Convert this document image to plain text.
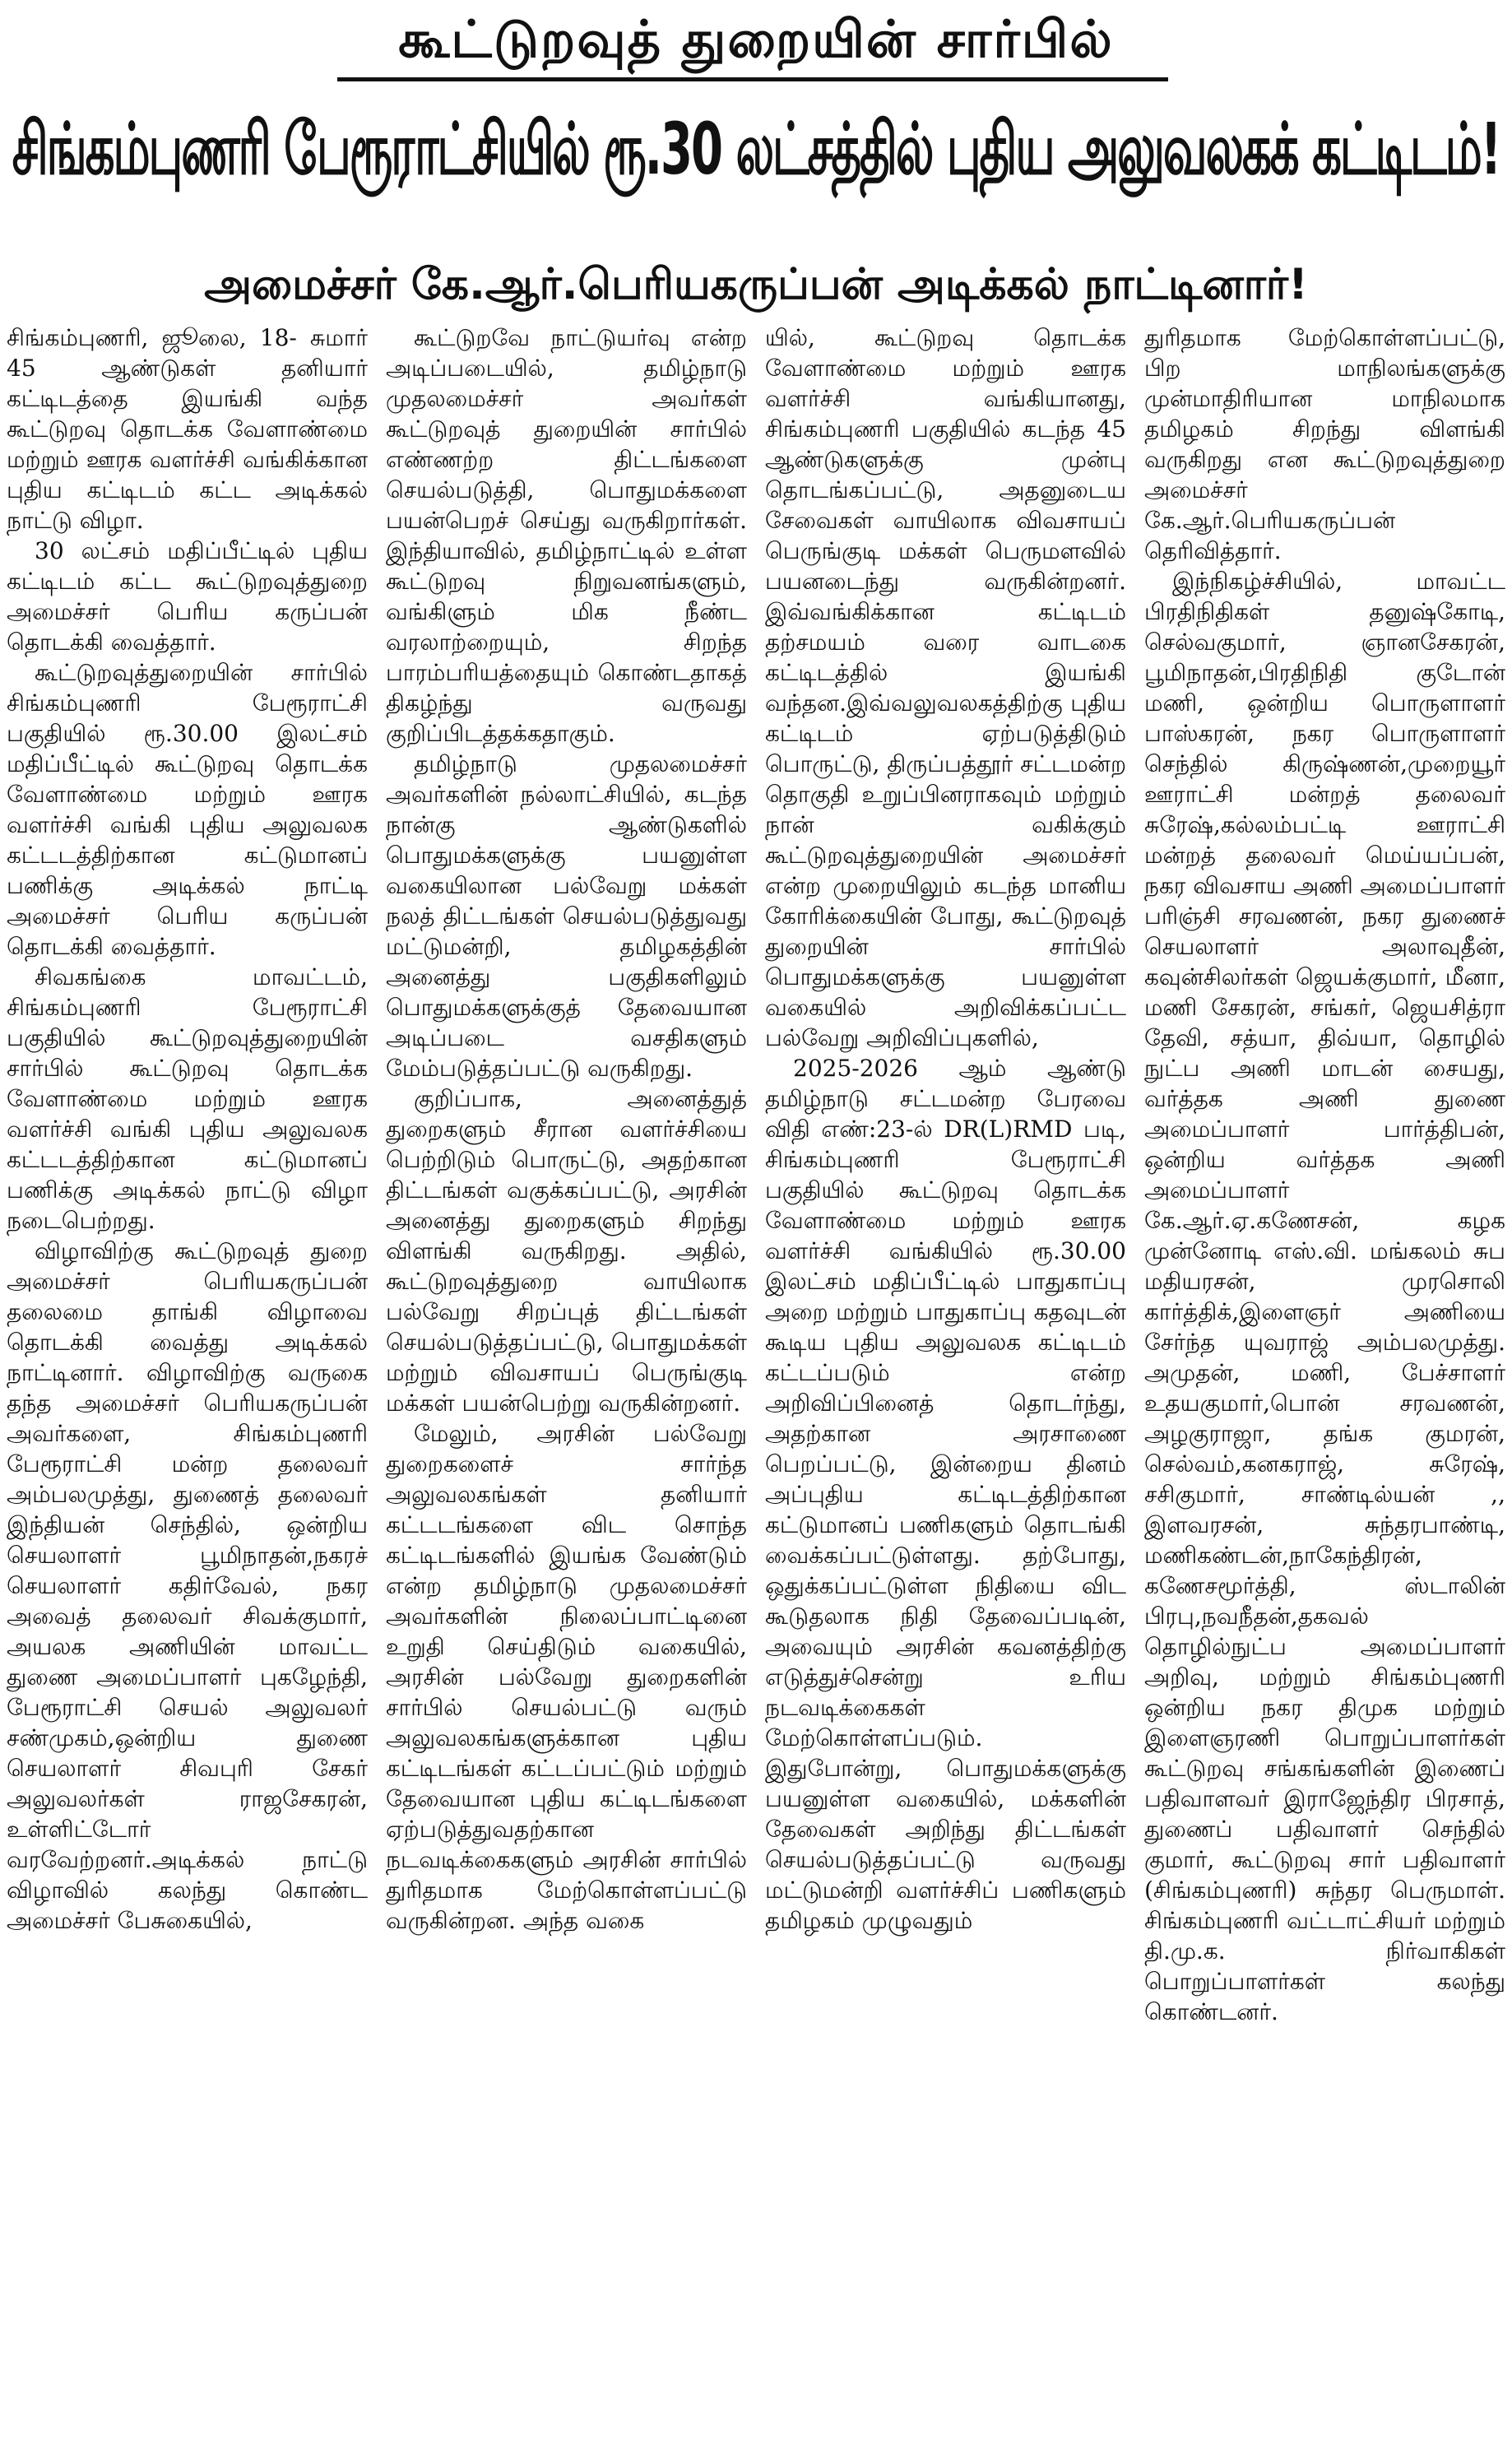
கூட்டுறவுத் துறையின் சார்பில்
சிங்கம்புணரி பேரூராட்சியில் ரூ.30 லட்சத்தில் புதிய அலுவலகக் கட்டிடம்!
அமைச்சர் கே.ஆர்.பெரியகருப்பன் அடிக்கல் நாட்டினார்!

சிங்கம்புணரி, ஜூலை, 18- சுமார் 45 ஆண்டுகள் தனியார் கட்டிடத்தை இயங்கி வந்த கூட்டுறவு தொடக்க வேளாண்மை மற்றும் ஊரக வளர்ச்சி வங்கிக்கான புதிய கட்டிடம் கட்ட அடிக்கல் நாட்டு விழா.

30 லட்சம் மதிப்பீட்டில் புதிய கட்டிடம் கட்ட கூட்டுறவுத்துறை அமைச்சர் பெரிய கருப்பன் தொடக்கி வைத்தார்.

கூட்டுறவுத்துறையின் சார்பில் சிங்கம்புணரி பேரூராட்சி பகுதியில் ரூ.30.00 இலட்சம் மதிப்பீட்டில் கூட்டுறவு தொடக்க வேளாண்மை மற்றும் ஊரக வளர்ச்சி வங்கி புதிய அலுவலக கட்டடத்திற்கான கட்டுமானப் பணிக்கு அடிக்கல் நாட்டி அமைச்சர் பெரிய கருப்பன் தொடக்கி வைத்தார்.

சிவகங்கை மாவட்டம், சிங்கம்புணரி பேரூராட்சி பகுதியில் கூட்டுறவுத்துறையின் சார்பில் கூட்டுறவு தொடக்க வேளாண்மை மற்றும் ஊரக வளர்ச்சி வங்கி புதிய அலுவலக கட்டடத்திற்கான கட்டுமானப் பணிக்கு அடிக்கல் நாட்டு விழா நடைபெற்றது.

விழாவிற்கு கூட்டுறவுத் துறை அமைச்சர் பெரியகருப்பன் தலைமை தாங்கி விழாவை தொடக்கி வைத்து அடிக்கல் நாட்டினார். விழாவிற்கு வருகை தந்த அமைச்சர் பெரியகருப்பன் அவர்களை, சிங்கம்புணரி பேரூராட்சி மன்ற தலைவர் அம்பலமுத்து, துணைத் தலைவர் இந்தியன் செந்தில், ஒன்றிய செயலாளர் பூமிநாதன்,நகரச் செயலாளர் கதிர்வேல், நகர அவைத் தலைவர் சிவக்குமார், அயலக அணியின் மாவட்ட துணை அமைப்பாளர் புகழேந்தி, பேரூராட்சி செயல் அலுவலர் சண்முகம்,ஒன்றிய துணை செயலாளர் சிவபுரி சேகர் அலுவலர்கள் ராஜசேகரன், உள்ளிட்டோர் வரவேற்றனர்.அடிக்கல் நாட்டு விழாவில் கலந்து கொண்ட அமைச்சர் பேசுகையில்,

கூட்டுறவே நாட்டுயர்வு என்ற அடிப்படையில், தமிழ்நாடு முதலமைச்சர் அவர்கள் கூட்டுறவுத் துறையின் சார்பில் எண்ணற்ற திட்டங்களை செயல்படுத்தி, பொதுமக்களை பயன்பெறச் செய்து வருகிறார்கள். இந்தியாவில், தமிழ்நாட்டில் உள்ள கூட்டுறவு நிறுவனங்களும், வங்கிளும் மிக நீண்ட வரலாற்றையும், சிறந்த பாரம்பரியத்தையும் கொண்டதாகத் திகழ்ந்து வருவது குறிப்பிடத்தக்கதாகும்.

தமிழ்நாடு முதலமைச்சர் அவர்களின் நல்லாட்சியில், கடந்த நான்கு ஆண்டுகளில் பொதுமக்களுக்கு பயனுள்ள வகையிலான பல்வேறு மக்கள் நலத் திட்டங்கள் செயல்படுத்துவது மட்டுமன்றி, தமிழகத்தின் அனைத்து பகுதிகளிலும் பொதுமக்களுக்குத் தேவையான அடிப்படை வசதிகளும் மேம்படுத்தப்பட்டு வருகிறது.

குறிப்பாக, அனைத்துத் துறைகளும் சீரான வளர்ச்சியை பெற்றிடும் பொருட்டு, அதற்கான திட்டங்கள் வகுக்கப்பட்டு, அரசின் அனைத்து துறைகளும் சிறந்து விளங்கி வருகிறது. அதில், கூட்டுறவுத்துறை வாயிலாக பல்வேறு சிறப்புத் திட்டங்கள் செயல்படுத்தப்பட்டு, பொதுமக்கள் மற்றும் விவசாயப் பெருங்குடி மக்கள் பயன்பெற்று வருகின்றனர்.

மேலும், அரசின் பல்வேறு துறைகளைச் சார்ந்த அலுவலகங்கள் தனியார் கட்டடங்களை விட சொந்த கட்டிடங்களில் இயங்க வேண்டும் என்ற தமிழ்நாடு முதலமைச்சர் அவர்களின் நிலைப்பாட்டினை உறுதி செய்திடும் வகையில், அரசின் பல்வேறு துறைகளின் சார்பில் செயல்பட்டு வரும் அலுவலகங்களுக்கான புதிய கட்டிடங்கள் கட்டப்பட்டும் மற்றும் தேவையான புதிய கட்டிடங்களை ஏற்படுத்துவதற்கான நடவடிக்கைகளும் அரசின் சார்பில் துரிதமாக மேற்கொள்ளப்பட்டு வருகின்றன. அந்த வகை

யில், கூட்டுறவு தொடக்க வேளாண்மை மற்றும் ஊரக வளர்ச்சி வங்கியானது, சிங்கம்புணரி பகுதியில் கடந்த 45 ஆண்டுகளுக்கு முன்பு தொடங்கப்பட்டு, அதனுடைய சேவைகள் வாயிலாக விவசாயப் பெருங்குடி மக்கள் பெருமளவில் பயனடைந்து வருகின்றனர். இவ்வங்கிக்கான கட்டிடம் தற்சமயம் வரை வாடகை கட்டிடத்தில் இயங்கி வந்தன.இவ்வலுவலகத்திற்கு புதிய கட்டிடம் ஏற்படுத்திடும் பொருட்டு, திருப்பத்தூர் சட்டமன்ற தொகுதி உறுப்பினராகவும் மற்றும் நான் வகிக்கும் கூட்டுறவுத்துறையின் அமைச்சர் என்ற முறையிலும் கடந்த மானிய கோரிக்கையின் போது, கூட்டுறவுத் துறையின் சார்பில் பொதுமக்களுக்கு பயனுள்ள வகையில் அறிவிக்கப்பட்ட பல்வேறு அறிவிப்புகளில்,

2025-2026 ஆம் ஆண்டு தமிழ்நாடு சட்டமன்ற பேரவை விதி எண்:23-ல் DR(L)RMD படி, சிங்கம்புணரி பேரூராட்சி பகுதியில் கூட்டுறவு தொடக்க வேளாண்மை மற்றும் ஊரக வளர்ச்சி வங்கியில் ரூ.30.00 இலட்சம் மதிப்பீட்டில் பாதுகாப்பு அறை மற்றும் பாதுகாப்பு கதவுடன் கூடிய புதிய அலுவலக கட்டிடம் கட்டப்படும் என்ற அறிவிப்பினைத் தொடர்ந்து, அதற்கான அரசாணை பெறப்பட்டு, இன்றைய தினம் அப்புதிய கட்டிடத்திற்கான கட்டுமானப் பணிகளும் தொடங்கி வைக்கப்பட்டுள்ளது. தற்போது, ஒதுக்கப்பட்டுள்ள நிதியை விட கூடுதலாக நிதி தேவைப்படின், அவையும் அரசின் கவனத்திற்கு எடுத்துச்சென்று உரிய நடவடிக்கைகள் மேற்கொள்ளப்படும். இதுபோன்று, பொதுமக்களுக்கு பயனுள்ள வகையில், மக்களின் தேவைகள் அறிந்து திட்டங்கள் செயல்படுத்தப்பட்டு வருவது மட்டுமன்றி வளர்ச்சிப் பணிகளும் தமிழகம் முழுவதும்

துரிதமாக மேற்கொள்ளப்பட்டு, பிற மாநிலங்களுக்கு முன்மாதிரியான மாநிலமாக தமிழகம் சிறந்து விளங்கி வருகிறது என கூட்டுறவுத்துறை அமைச்சர் கே.ஆர்.பெரியகருப்பன் தெரிவித்தார்.

இந்நிகழ்ச்சியில், மாவட்ட பிரதிநிதிகள் தனுஷ்கோடி, செல்வகுமார், ஞானசேகரன், பூமிநாதன்,பிரதிநிதி குடோன் மணி, ஒன்றிய பொருளாளர் பாஸ்கரன், நகர பொருளாளர் செந்தில் கிருஷ்ணன்,முறையூர் ஊராட்சி மன்றத் தலைவர் சுரேஷ்,கல்லம்பட்டி ஊராட்சி மன்றத் தலைவர் மெய்யப்பன், நகர விவசாய அணி அமைப்பாளர் பரிஞ்சி சரவணன், நகர துணைச் செயலாளர் அலாவுதீன், கவுன்சிலர்கள் ஜெயக்குமார், மீனா, மணி சேகரன், சங்கர், ஜெயசித்ரா தேவி, சத்யா, திவ்யா, தொழில் நுட்ப அணி மாடன் சையது, வர்த்தக அணி துணை அமைப்பாளர் பார்த்திபன், ஒன்றிய வர்த்தக அணி அமைப்பாளர் கே.ஆர்.ஏ.கணேசன், கழக முன்னோடி எஸ்.வி. மங்கலம் சுப மதியரசன், முரசொலி கார்த்திக்,இளைஞர் அணியை சேர்ந்த யுவராஜ் அம்பலமுத்து. அமுதன், மணி, பேச்சாளர் உதயகுமார்,பொன் சரவணன், அழகுராஜா, தங்க குமரன், செல்வம்,கனகராஜ், சுரேஷ், சசிகுமார், சாண்டில்யன் ,, இளவரசன், சுந்தரபாண்டி, மணிகண்டன்,நாகேந்திரன், கணேசமூர்த்தி, ஸ்டாலின் பிரபு,நவநீதன்,தகவல் தொழில்நுட்ப அமைப்பாளர் அறிவு, மற்றும் சிங்கம்புணரி ஒன்றிய நகர திமுக மற்றும் இளைஞரணி பொறுப்பாளர்கள் கூட்டுறவு சங்கங்களின் இணைப் பதிவாளவர் இராஜேந்திர பிரசாத், துணைப் பதிவாளர் செந்தில் குமார், கூட்டுறவு சார் பதிவாளர் (சிங்கம்புணரி) சுந்தர பெருமாள். சிங்கம்புணரி வட்டாட்சியர் மற்றும் தி.மு.க. நிர்வாகிகள் பொறுப்பாளர்கள் கலந்து கொண்டனர்.
